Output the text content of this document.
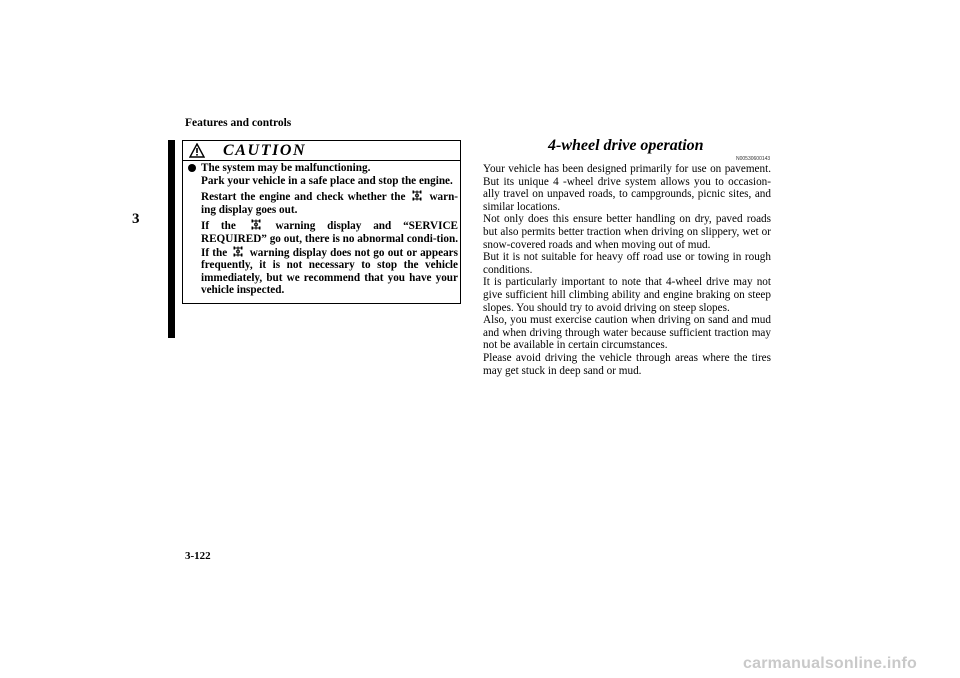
Features and controls
3
CAUTION

The system may be malfunctioning.

Park your vehicle in a safe place and stop the engine.

Restart the engine and check whether the warn-ing display goes out.

If the	warning display and “SERVICE REQUIRED” go out, there is no abnormal condi-tion. If the warning display does not go out or appears frequently, it is not necessary to stop the vehicle immediately, but we recommend that you have your vehicle inspected.

4-wheel drive operation
N00530600143

Your vehicle has been designed primarily for use on pavement. But its unique 4 -wheel drive system allows you to occasion-ally travel on unpaved roads, to campgrounds, picnic sites, and similar locations.

Not only does this ensure better handling on dry, paved roads but also permits better traction when driving on slippery, wet or snow-covered roads and when moving out of mud.

But it is not suitable for heavy off road use or towing in rough conditions.

It is particularly important to note that 4-wheel drive may not give sufficient hill climbing ability and engine braking on steep slopes. You should try to avoid driving on steep slopes.

Also, you must exercise caution when driving on sand and mud and when driving through water because sufficient traction may not be available in certain circumstances.

Please avoid driving the vehicle through areas where the tires may get stuck in deep sand or mud.

3-122
carmanualsonline.info
